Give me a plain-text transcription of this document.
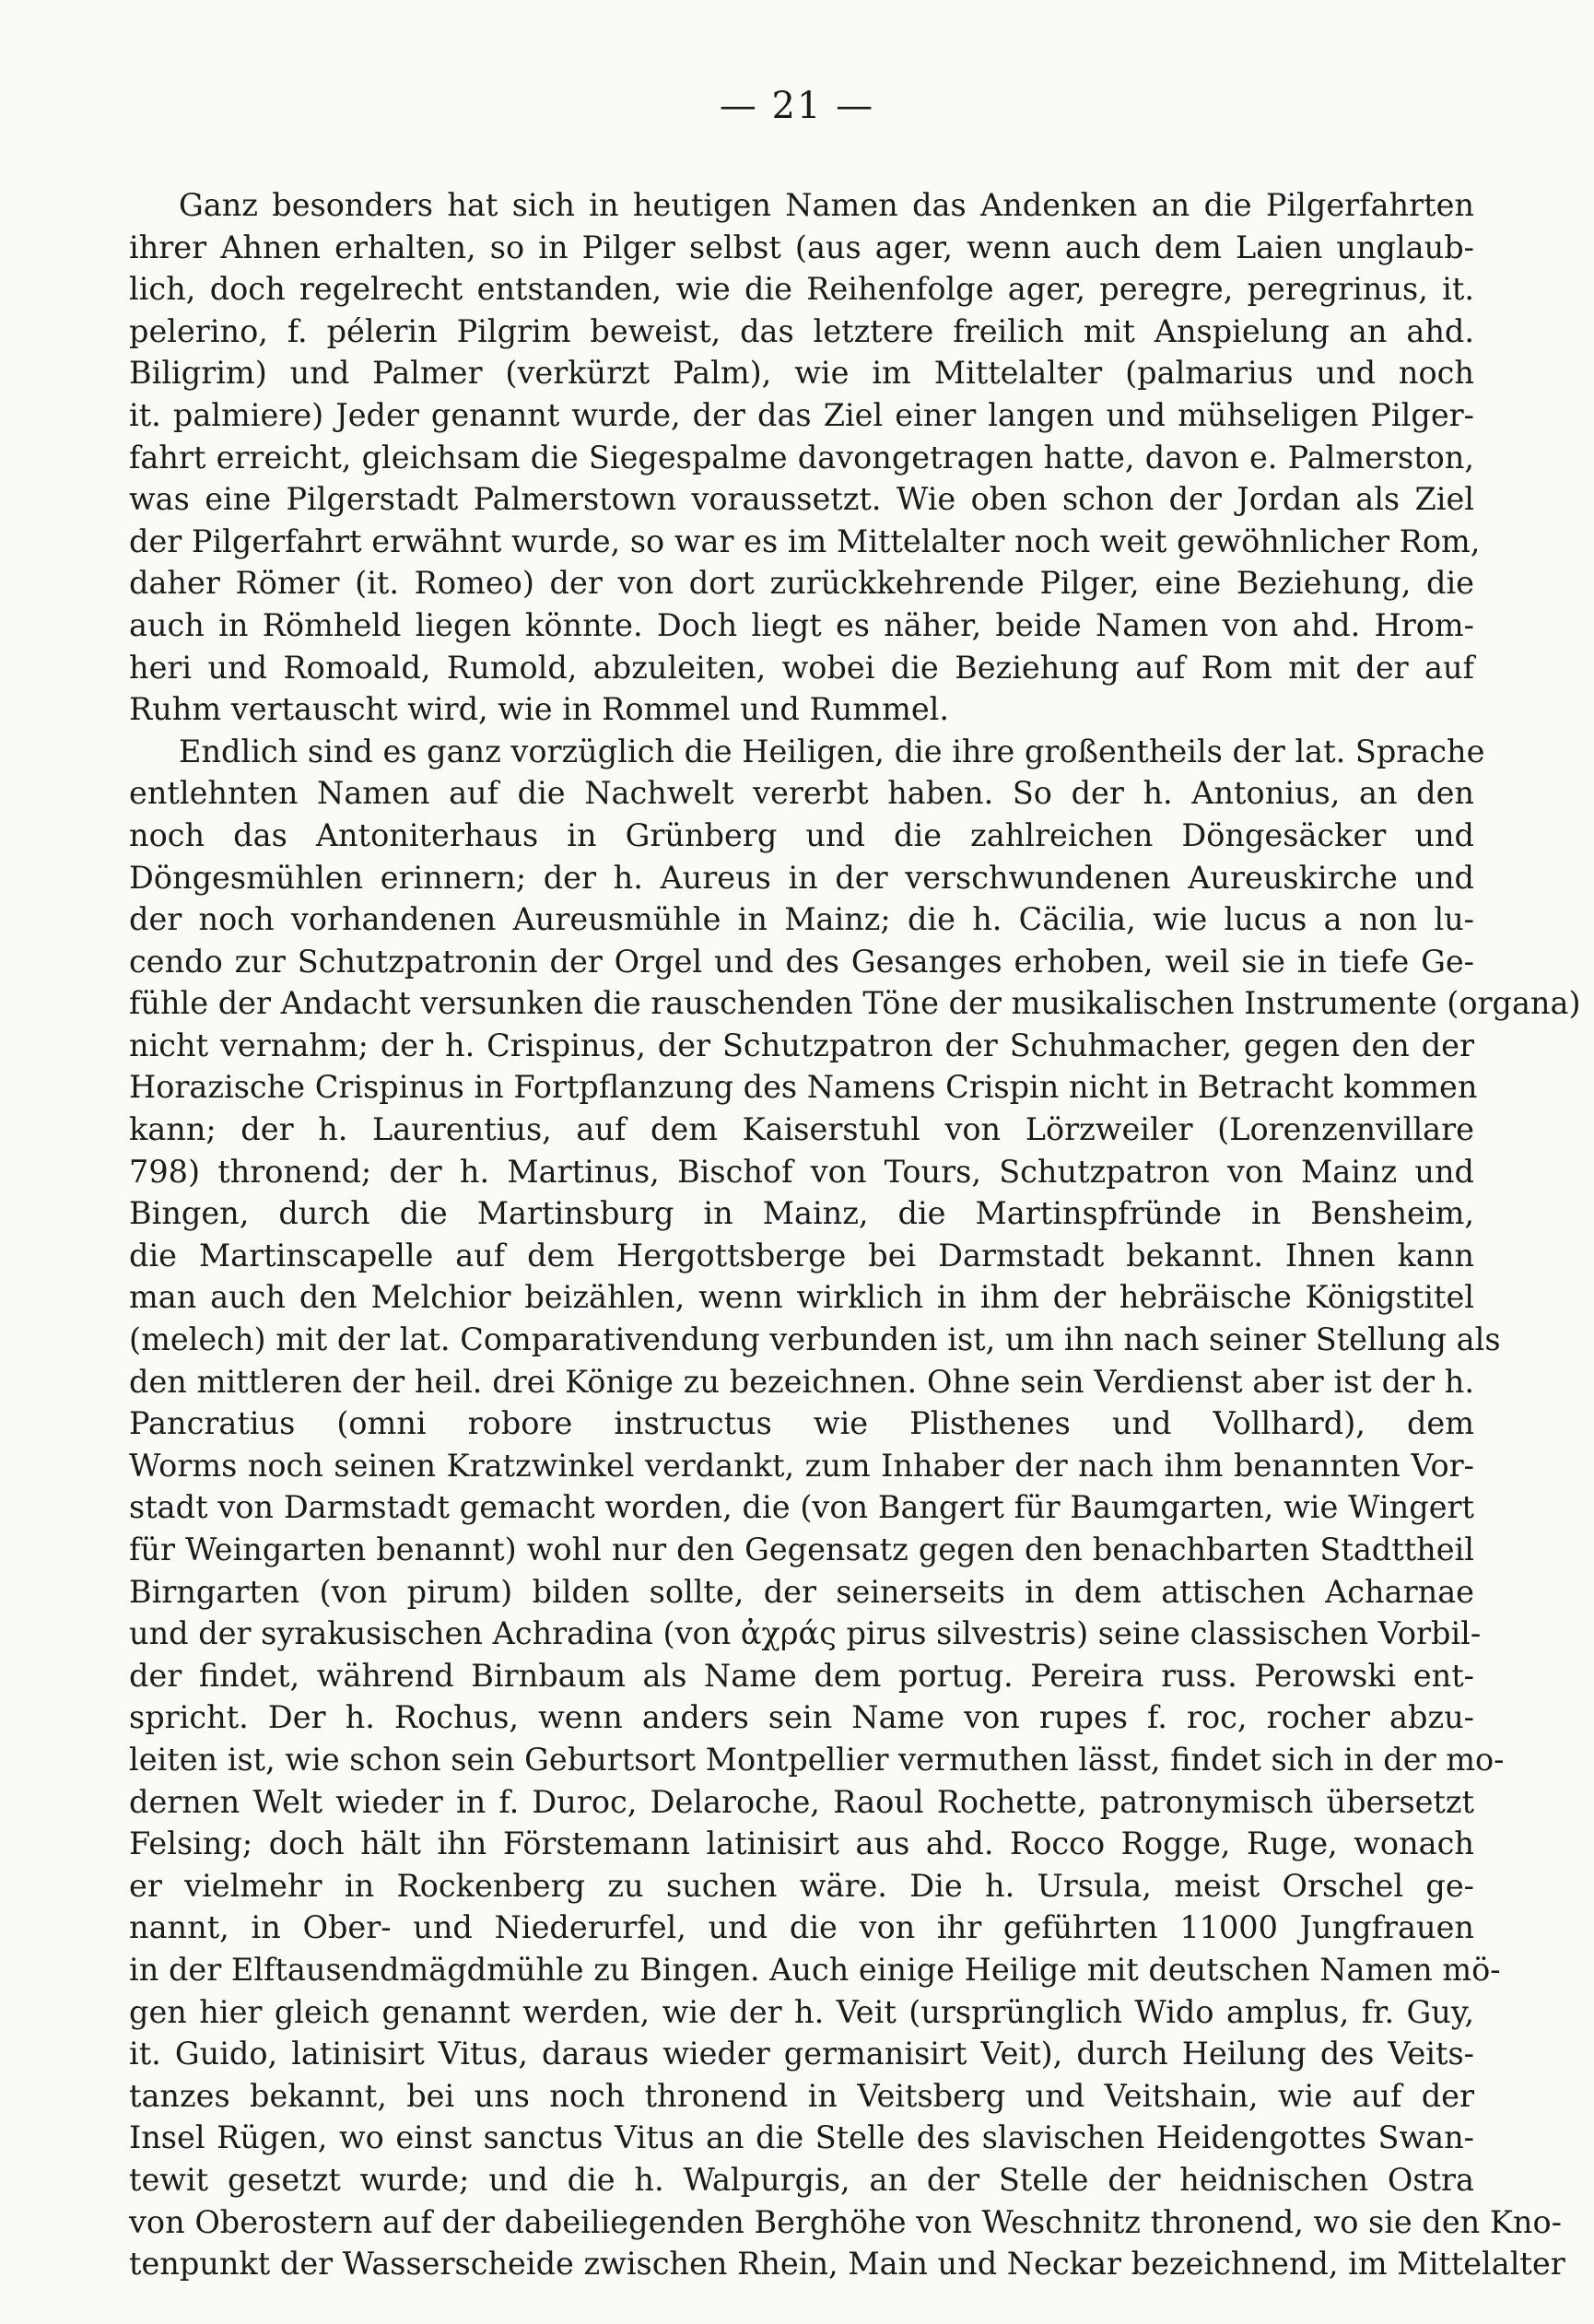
— 21 —
Ganz besonders hat sich in heutigen Namen das Andenken an die Pilgerfahrten
ihrer Ahnen erhalten, so in Pilger selbst (aus ager, wenn auch dem Laien unglaub-
lich, doch regelrecht entstanden, wie die Reihenfolge ager, peregre, peregrinus, it.
pelerino, f. pélerin Pilgrim beweist, das letztere freilich mit Anspielung an ahd.
Biligrim) und Palmer (verkürzt Palm), wie im Mittelalter (palmarius und noch
it. palmiere) Jeder genannt wurde, der das Ziel einer langen und mühseligen Pilger-
fahrt erreicht, gleichsam die Siegespalme davongetragen hatte, davon e. Palmerston,
was eine Pilgerstadt Palmerstown voraussetzt. Wie oben schon der Jordan als Ziel
der Pilgerfahrt erwähnt wurde, so war es im Mittelalter noch weit gewöhnlicher Rom,
daher Römer (it. Romeo) der von dort zurückkehrende Pilger, eine Beziehung, die
auch in Römheld liegen könnte. Doch liegt es näher, beide Namen von ahd. Hrom-
heri und Romoald, Rumold, abzuleiten, wobei die Beziehung auf Rom mit der auf
Ruhm vertauscht wird, wie in Rommel und Rummel.
Endlich sind es ganz vorzüglich die Heiligen, die ihre großentheils der lat. Sprache
entlehnten Namen auf die Nachwelt vererbt haben. So der h. Antonius, an den
noch das Antoniterhaus in Grünberg und die zahlreichen Döngesäcker und
Döngesmühlen erinnern; der h. Aureus in der verschwundenen Aureuskirche und
der noch vorhandenen Aureusmühle in Mainz; die h. Cäcilia, wie lucus a non lu-
cendo zur Schutzpatronin der Orgel und des Gesanges erhoben, weil sie in tiefe Ge-
fühle der Andacht versunken die rauschenden Töne der musikalischen Instrumente (organa)
nicht vernahm; der h. Crispinus, der Schutzpatron der Schuhmacher, gegen den der
Horazische Crispinus in Fortpflanzung des Namens Crispin nicht in Betracht kommen
kann; der h. Laurentius, auf dem Kaiserstuhl von Lörzweiler (Lorenzenvillare
798) thronend; der h. Martinus, Bischof von Tours, Schutzpatron von Mainz und
Bingen, durch die Martinsburg in Mainz, die Martinspfründe in Bensheim,
die Martinscapelle auf dem Hergottsberge bei Darmstadt bekannt. Ihnen kann
man auch den Melchior beizählen, wenn wirklich in ihm der hebräische Königstitel
(melech) mit der lat. Comparativendung verbunden ist, um ihn nach seiner Stellung als
den mittleren der heil. drei Könige zu bezeichnen. Ohne sein Verdienst aber ist der h.
Pancratius (omni robore instructus wie Plisthenes und Vollhard), dem
Worms noch seinen Kratzwinkel verdankt, zum Inhaber der nach ihm benannten Vor-
stadt von Darmstadt gemacht worden, die (von Bangert für Baumgarten, wie Wingert
für Weingarten benannt) wohl nur den Gegensatz gegen den benachbarten Stadttheil
Birngarten (von pirum) bilden sollte, der seinerseits in dem attischen Acharnae
und der syrakusischen Achradina (von ἀχράς pirus silvestris) seine classischen Vorbil-
der findet, während Birnbaum als Name dem portug. Pereira russ. Perowski ent-
spricht. Der h. Rochus, wenn anders sein Name von rupes f. roc, rocher abzu-
leiten ist, wie schon sein Geburtsort Montpellier vermuthen lässt, findet sich in der mo-
dernen Welt wieder in f. Duroc, Delaroche, Raoul Rochette, patronymisch übersetzt
Felsing; doch hält ihn Förstemann latinisirt aus ahd. Rocco Rogge, Ruge, wonach
er vielmehr in Rockenberg zu suchen wäre. Die h. Ursula, meist Orschel ge-
nannt, in Ober- und Niederurfel, und die von ihr geführten 11000 Jungfrauen
in der Elftausendmägdmühle zu Bingen. Auch einige Heilige mit deutschen Namen mö-
gen hier gleich genannt werden, wie der h. Veit (ursprünglich Wido amplus, fr. Guy,
it. Guido, latinisirt Vitus, daraus wieder germanisirt Veit), durch Heilung des Veits-
tanzes bekannt, bei uns noch thronend in Veitsberg und Veitshain, wie auf der
Insel Rügen, wo einst sanctus Vitus an die Stelle des slavischen Heidengottes Swan-
tewit gesetzt wurde; und die h. Walpurgis, an der Stelle der heidnischen Ostra
von Oberostern auf der dabeiliegenden Berghöhe von Weschnitz thronend, wo sie den Kno-
tenpunkt der Wasserscheide zwischen Rhein, Main und Neckar bezeichnend, im Mittelalter
